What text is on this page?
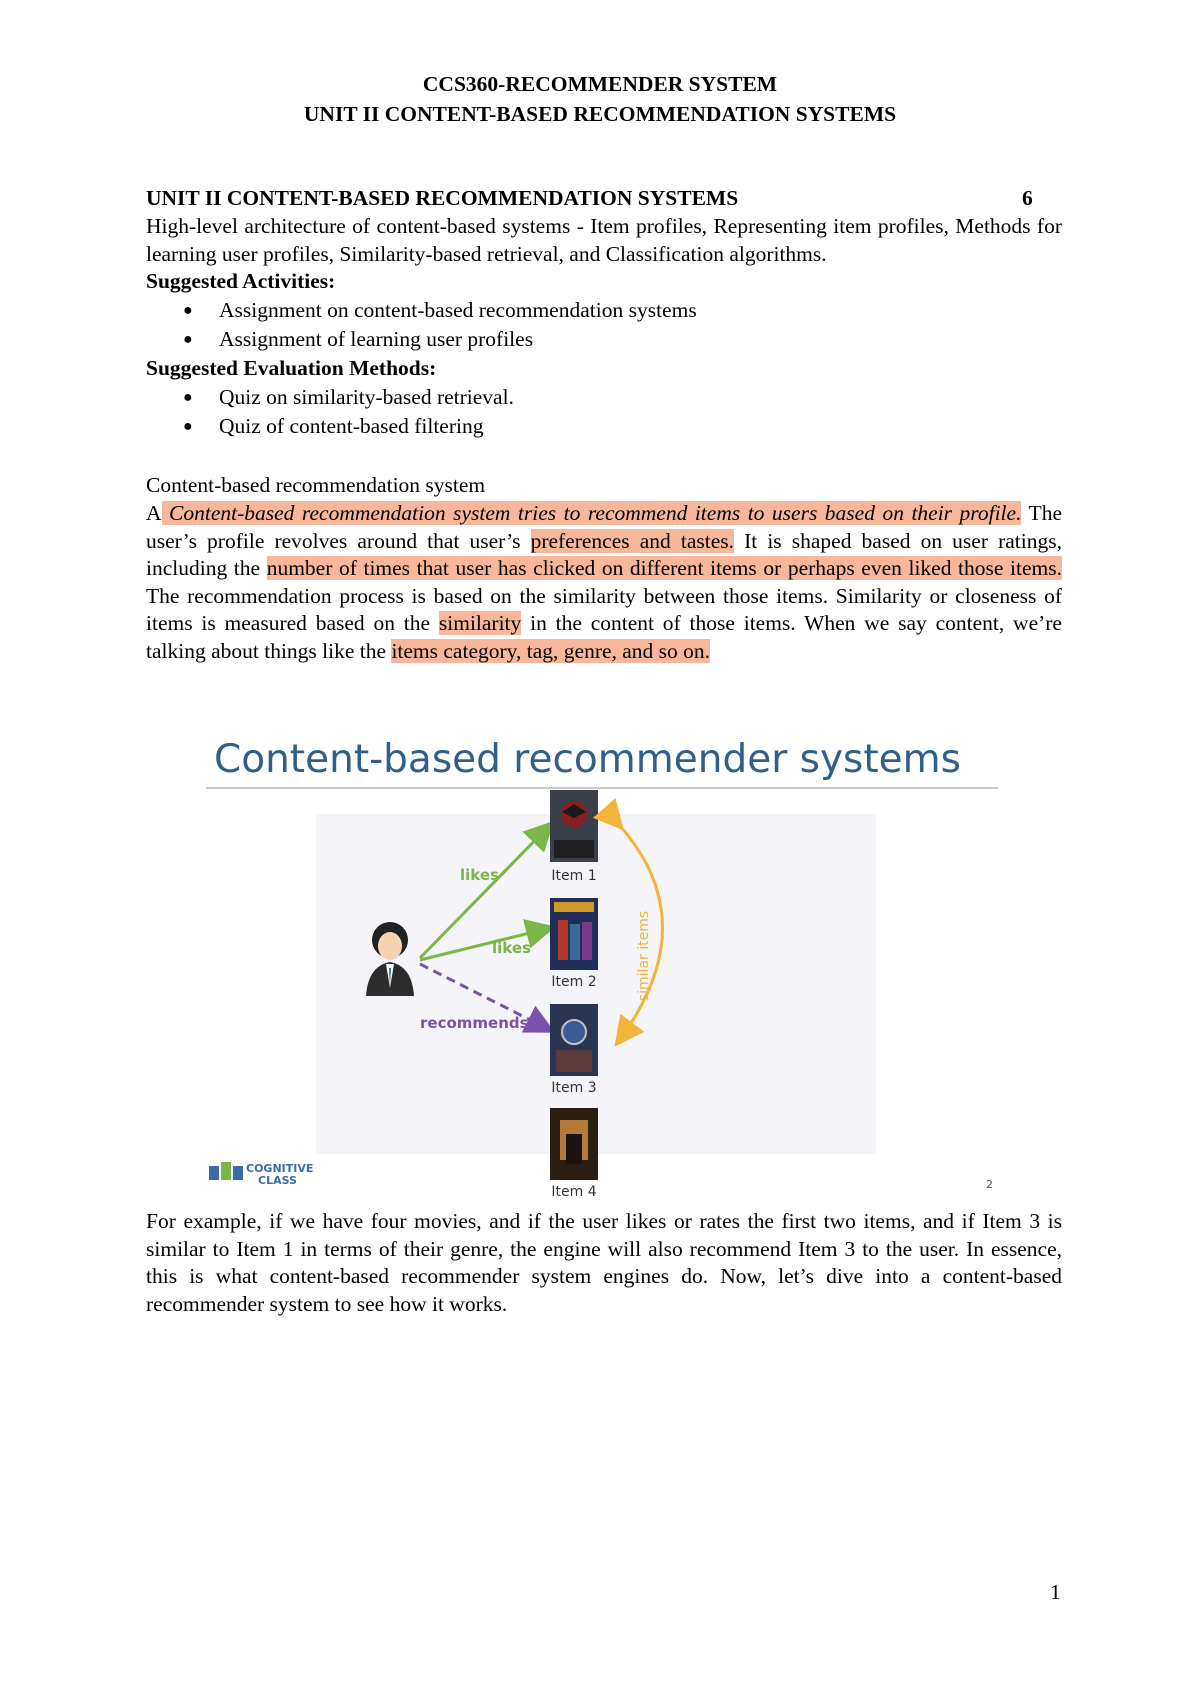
CCS360-RECOMMENDER SYSTEM
UNIT II CONTENT-BASED RECOMMENDATION SYSTEMS
UNIT II CONTENT-BASED RECOMMENDATION SYSTEMS	6
High-level architecture of content-based systems - Item profiles, Representing item profiles, Methods for learning user profiles, Similarity-based retrieval, and Classification algorithms.
Suggested Activities:
● Assignment on content-based recommendation systems
● Assignment of learning user profiles
Suggested Evaluation Methods:
● Quiz on similarity-based retrieval.
● Quiz of content-based filtering
Content-based recommendation system
A Content-based recommendation system tries to recommend items to users based on their profile. The user’s profile revolves around that user’s preferences and tastes. It is shaped based on user ratings, including the number of times that user has clicked on different items or perhaps even liked those items. The recommendation process is based on the similarity between those items. Similarity or closeness of items is measured based on the similarity in the content of those items. When we say content, we’re talking about things like the items category, tag, genre, and so on.
Content-based recommender systems
likes
likes
recommends
Item 1
Item 2
Item 3
Item 4
similar items
COGNITIVE
CLASS	2
For example, if we have four movies, and if the user likes or rates the first two items, and if Item 3 is similar to Item 1 in terms of their genre, the engine will also recommend Item 3 to the user. In essence, this is what content-based recommender system engines do. Now, let’s dive into a content-based recommender system to see how it works.
1
